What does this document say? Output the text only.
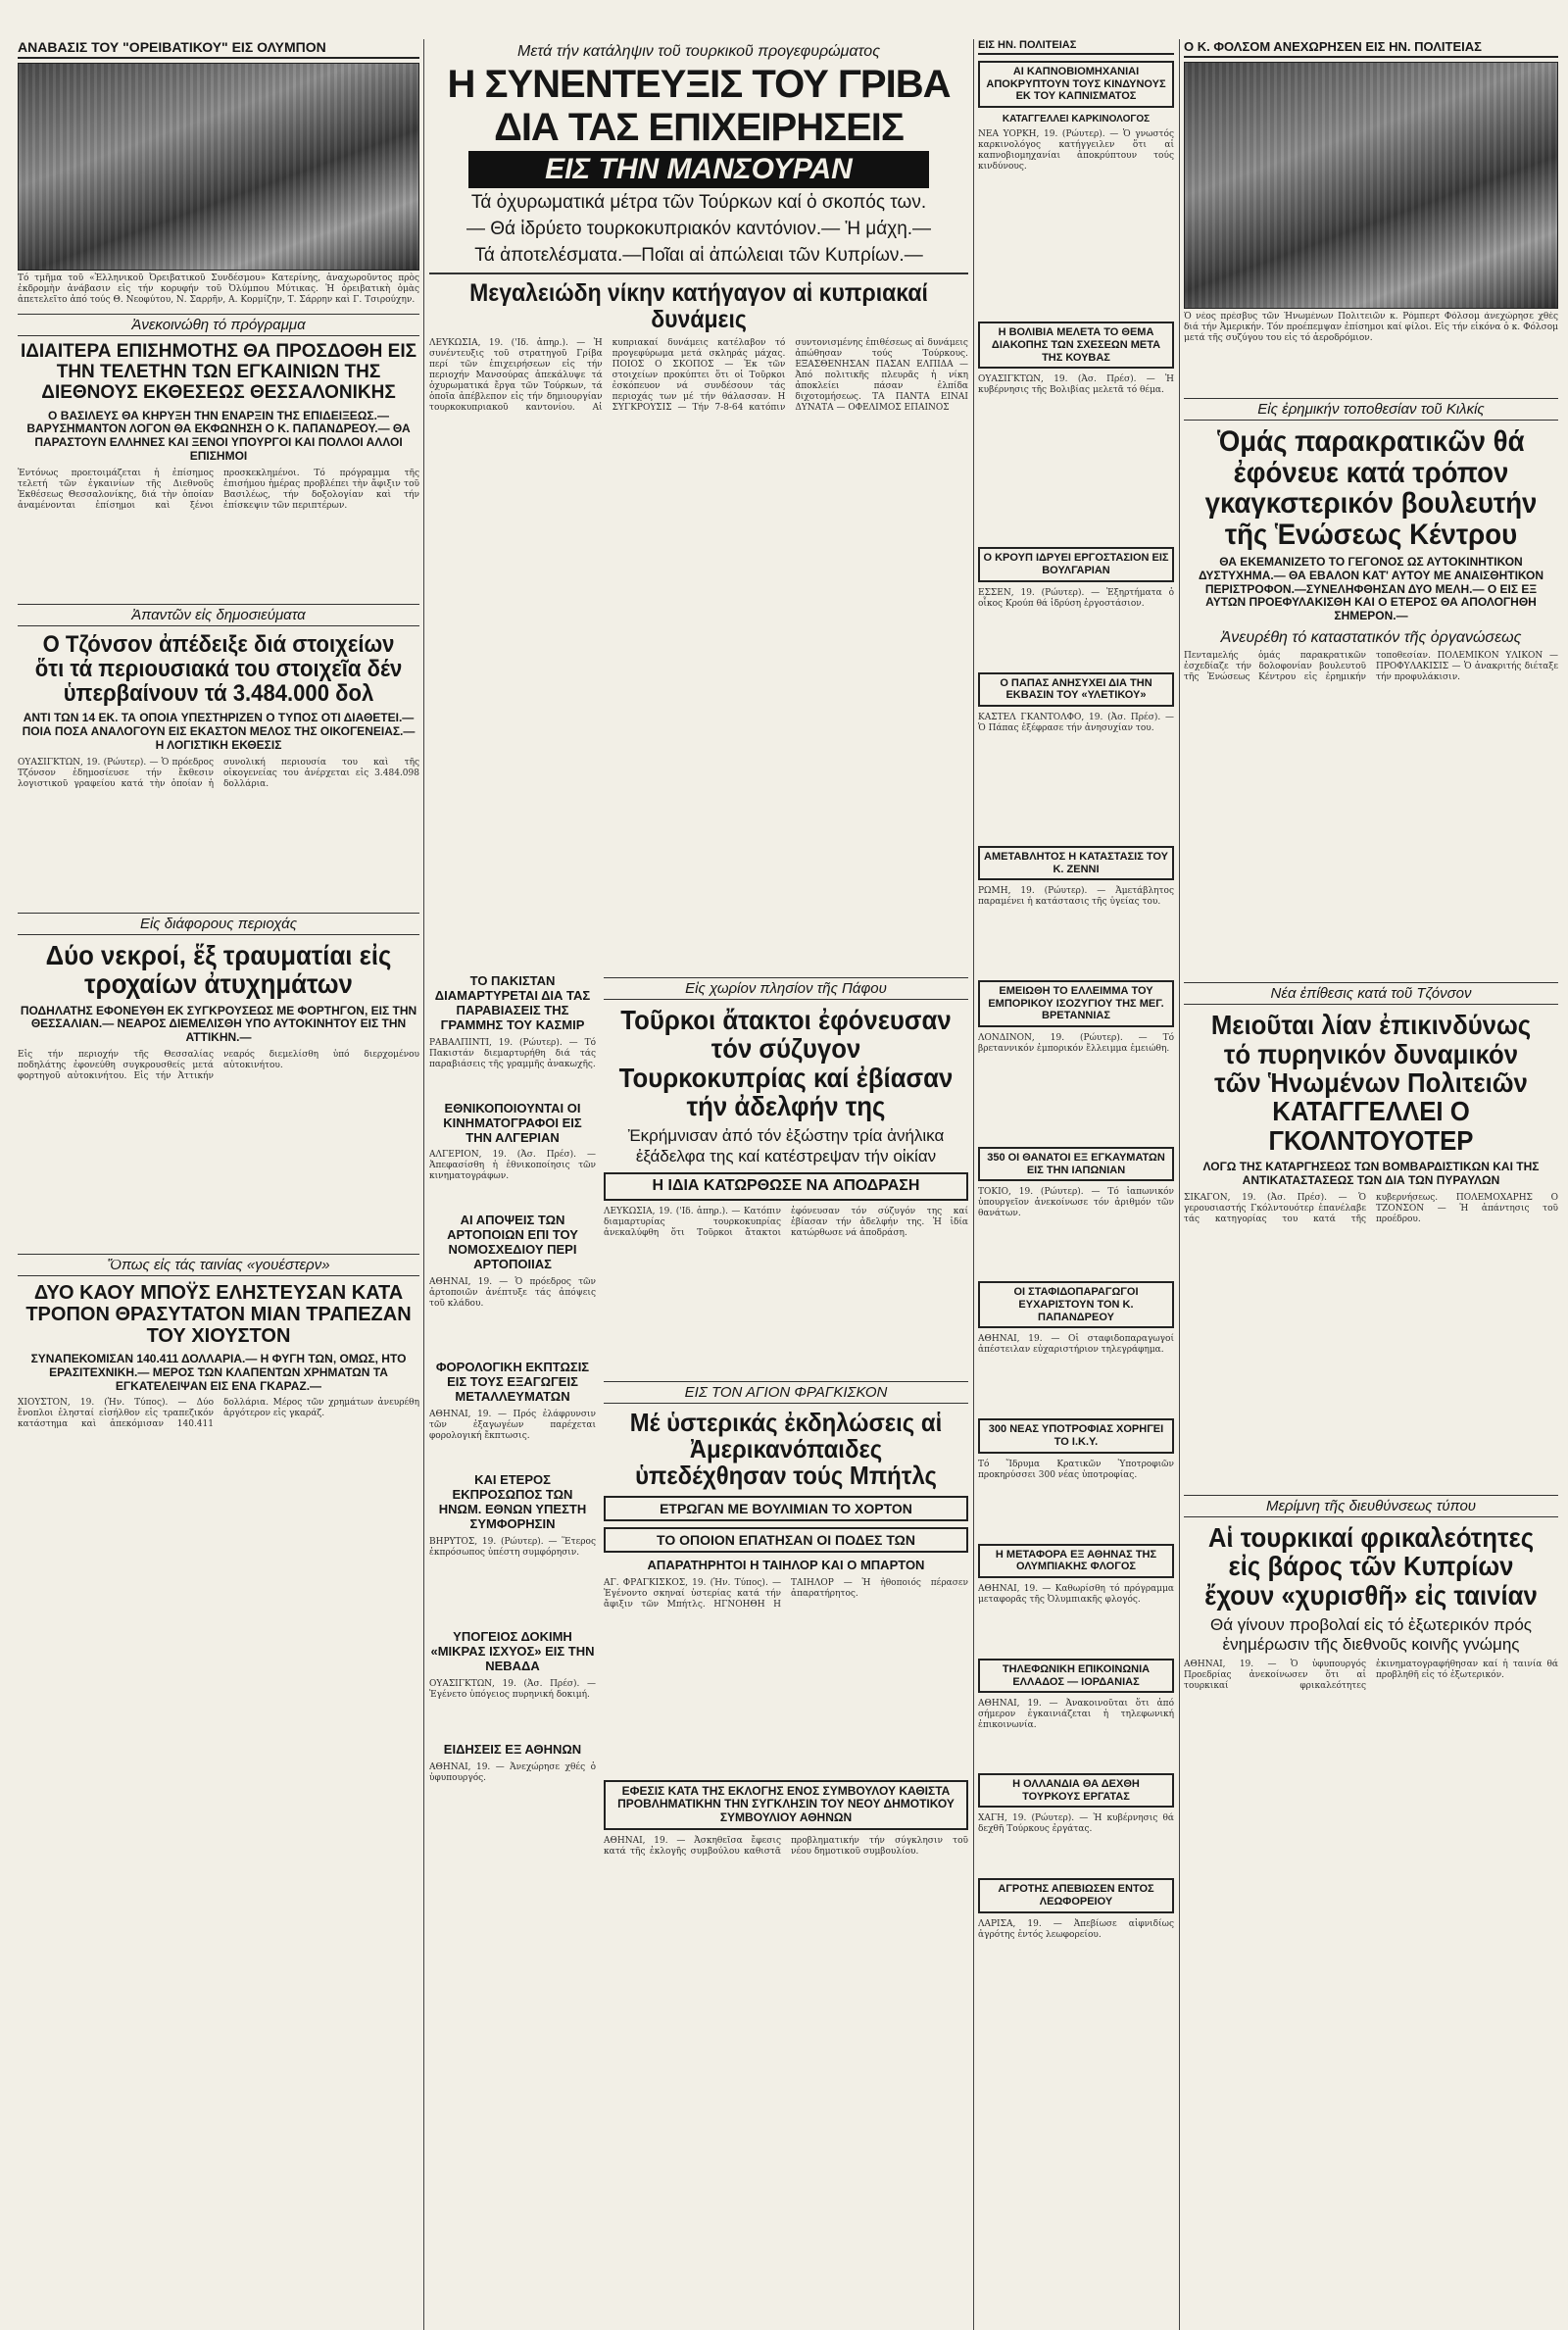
ΑΝΑΒΑΣΙΣ ΤΟΥ "ΟΡΕΙΒΑΤΙΚΟΥ" ΕΙΣ ΟΛΥΜΠΟΝ
Τό τμῆμα τοῦ «Ἑλληνικοῦ Ὀρειβατικοῦ Συνδέσμου» Κατερίνης, ἀναχωροῦντος πρὸς ἐκδρομὴν ἀνάβασιν εἰς τήν κορυφήν τοῦ Ὀλύμπου Μύτικας. Ἡ ὀρειβατικὴ ὁμὰς ἀπετελεῖτο ἀπό τούς Θ. Νεοφύτου, Ν. Σαρρῆν, Α. Κορμίζην, Τ. Σάρρην καὶ Γ. Τσιρούχην.
Ἀνεκοινώθη τό πρόγραμμα
ΙΔΙΑΙΤΕΡΑ ΕΠΙΣΗΜΟΤΗΣ ΘΑ ΠΡΟΣΔΟΘΗ ΕΙΣ ΤΗΝ ΤΕΛΕΤΗΝ ΤΩΝ ΕΓΚΑΙΝΙΩΝ ΤΗΣ ΔΙΕΘΝΟΥΣ ΕΚΘΕΣΕΩΣ ΘΕΣΣΑΛΟΝΙΚΗΣ
Ο ΒΑΣΙΛΕΥΣ ΘΑ ΚΗΡΥΞΗ ΤΗΝ ΕΝΑΡΞΙΝ ΤΗΣ ΕΠΙΔΕΙΞΕΩΣ.— ΒΑΡΥΣΗΜΑΝΤΟΝ ΛΟΓΟΝ ΘΑ ΕΚΦΩΝΗΣΗ Ο Κ. ΠΑΠΑΝΔΡΕΟΥ.— ΘΑ ΠΑΡΑΣΤΟΥΝ ΕΛΛΗΝΕΣ ΚΑΙ ΞΕΝΟΙ ΥΠΟΥΡΓΟΙ ΚΑΙ ΠΟΛΛΟΙ ΑΛΛΟΙ ΕΠΙΣΗΜΟΙ
Ἐντόνως προετοιμάζεται ἡ ἐπίσημος τελετή τῶν ἐγκαινίων τῆς Διεθνοῦς Ἐκθέσεως Θεσσαλονίκης, διά τὴν ὁποίαν ἀναμένονται ἐπίσημοι καὶ ξένοι προσκεκλημένοι. Τό πρόγραμμα τῆς ἐπισήμου ἡμέρας προβλέπει τὴν ἄφιξιν τοῦ Βασιλέως, τήν δοξολογίαν καὶ τήν ἐπίσκεψιν τῶν περιπτέρων.
Ἀπαντῶν εἰς δημοσιεύματα
Ο Τζόνσον ἀπέδειξε διά στοιχείων ὅτι τά περιουσιακά του στοιχεῖα δέν ὑπερβαίνουν τά 3.484.000 δολ
ΑΝΤΙ ΤΩΝ 14 ΕΚ. ΤΑ ΟΠΟΙΑ ΥΠΕΣΤΗΡΙΖΕΝ Ο ΤΥΠΟΣ ΟΤΙ ΔΙΑΘΕΤΕΙ.— ΠΟΙΑ ΠΟΣΑ ΑΝΑΛΟΓΟΥΝ ΕΙΣ ΕΚΑΣΤΟΝ ΜΕΛΟΣ ΤΗΣ ΟΙΚΟΓΕΝΕΙΑΣ.— Η ΛΟΓΙΣΤΙΚΗ ΕΚΘΕΣΙΣ
ΟΥΑΣΙΓΚΤΩΝ, 19. (Ρώυτερ). — Ὁ πρόεδρος Τζόνσον ἐδημοσίευσε τήν ἔκθεσιν λογιστικοῦ γραφείου κατά τὴν ὁποίαν ἡ συνολική περιουσία του καὶ τῆς οἰκογενείας του ἀνέρχεται εἰς 3.484.098 δολλάρια.
Εἰς διάφορους περιοχάς
Δύο νεκροί, ἕξ τραυματίαι εἰς τροχαίων ἀτυχημάτων
ΠΟΔΗΛΑΤΗΣ ΕΦΟΝΕΥΘΗ ΕΚ ΣΥΓΚΡΟΥΣΕΩΣ ΜΕ ΦΟΡΤΗΓΟΝ, ΕΙΣ ΤΗΝ ΘΕΣΣΑΛΙΑΝ.— ΝΕΑΡΟΣ ΔΙΕΜΕΛΙΣΘΗ ΥΠΟ ΑΥΤΟΚΙΝΗΤΟΥ ΕΙΣ ΤΗΝ ΑΤΤΙΚΗΝ.—
Εἰς τήν περιοχήν τῆς Θεσσαλίας ποδηλάτης ἐφονεύθη συγκρουσθείς μετά φορτηγοῦ αὐτοκινήτου. Εἰς τήν Ἀττικήν νεαρός διεμελίσθη ὑπό διερχομένου αὐτοκινήτου.
Ὅπως εἰς τάς ταινίας «γουέστερν»
ΔΥΟ ΚΑΟΥ ΜΠΟΫΣ ΕΛΗΣΤΕΥΣΑΝ ΚΑΤΑ ΤΡΟΠΟΝ ΘΡΑΣΥΤΑΤΟΝ ΜΙΑΝ ΤΡΑΠΕΖΑΝ ΤΟΥ ΧΙΟΥΣΤΟΝ
ΣΥΝΑΠΕΚΟΜΙΣΑΝ 140.411 ΔΟΛΛΑΡΙΑ.— Η ΦΥΓΗ ΤΩΝ, ΟΜΩΣ, ΗΤΟ ΕΡΑΣΙΤΕΧΝΙΚΗ.— ΜΕΡΟΣ ΤΩΝ ΚΛΑΠΕΝΤΩΝ ΧΡΗΜΑΤΩΝ ΤΑ ΕΓΚΑΤΕΛΕΙΨΑΝ ΕΙΣ ΕΝΑ ΓΚΑΡΑΖ.—
ΧΙΟΥΣΤΟΝ, 19. (Ἡν. Τύπος). — Δύο ἔνοπλοι ἐλησταί εἰσήλθον εἰς τραπεζικόν κατάστημα καὶ ἀπεκόμισαν 140.411 δολλάρια. Μέρος τῶν χρημάτων ἀνευρέθη ἀργότερον εἰς γκαράζ.
Μετά τήν κατάληψιν τοῦ τουρκικοῦ προγεφυρώματος
Η ΣΥΝΕΝΤΕΥΞΙΣ ΤΟΥ ΓΡΙΒΑ
ΔΙΑ ΤΑΣ ΕΠΙΧΕΙΡΗΣΕΙΣ
ΕΙΣ ΤΗΝ ΜΑΝΣΟΥΡΑΝ
Τά ὀχυρωματικά μέτρα τῶν Τούρκων καί ὁ σκοπός των.
— Θά ἱδρύετο τουρκοκυπριακόν καντόνιον.— Ἡ μάχη.—
Τά ἀποτελέσματα.—Ποῖαι αἱ ἀπώλειαι τῶν Κυπρίων.—
Μεγαλειώδη νίκην κατήγαγον αἱ κυπριακαί δυνάμεις
ΛΕΥΚΩΣΙΑ, 19. ('Ιδ. ἀπηρ.). — Ἡ συνέντευξις τοῦ στρατηγοῦ Γρίβα περί τῶν ἐπιχειρήσεων εἰς τήν περιοχήν Μανσούρας ἀπεκάλυψε τά ὀχυρωματικά ἔργα τῶν Τούρκων, τά ὁποῖα ἀπέβλεπον εἰς τήν δημιουργίαν τουρκοκυπριακοῦ καντονίου. Αἱ κυπριακαί δυνάμεις κατέλαβον τό προγεφύρωμα μετά σκληράς μάχας. ΠΟΙΟΣ Ο ΣΚΟΠΟΣ — Ἐκ τῶν στοιχείων προκύπτει ὅτι οἱ Τοῦρκοι ἐσκόπευον νά συνδέσουν τάς περιοχάς των μέ τήν θάλασσαν. Η ΣΥΓΚΡΟΥΣΙΣ — Τήν 7-8-64 κατόπιν συντονισμένης ἐπιθέσεως αἱ δυνάμεις ἀπώθησαν τούς Τούρκους. ΕΞΑΣΘΕΝΗΣΑΝ ΠΑΣΑΝ ΕΛΠΙΔΑ — Ἀπό πολιτικῆς πλευρᾶς ἡ νίκη ἀποκλείει πάσαν ἐλπίδα διχοτομήσεως. ΤΑ ΠΑΝΤΑ ΕΙΝΑΙ ΔΥΝΑΤΑ — ΟΦΕΛΙΜΟΣ ΕΠΑΙΝΟΣ
ΤΟ ΠΑΚΙΣΤΑΝ ΔΙΑΜΑΡΤΥΡΕΤΑΙ ΔΙΑ ΤΑΣ ΠΑΡΑΒΙΑΣΕΙΣ ΤΗΣ ΓΡΑΜΜΗΣ ΤΟΥ ΚΑΣΜΙΡ
ΡΑΒΑΛΠΙΝΤΙ, 19. (Ρώυτερ). — Τό Πακιστάν διεμαρτυρήθη διά τάς παραβιάσεις τῆς γραμμῆς ἀνακωχῆς.
ΕΘΝΙΚΟΠΟΙΟΥΝΤΑΙ ΟΙ ΚΙΝΗΜΑΤΟΓΡΑΦΟΙ ΕΙΣ ΤΗΝ ΑΛΓΕΡΙΑΝ
ΑΛΓΕΡΙΟΝ, 19. (Ἀσ. Πρέσ). — Ἀπεφασίσθη ἡ ἐθνικοποίησις τῶν κινηματογράφων.
ΑΙ ΑΠΟΨΕΙΣ ΤΩΝ ΑΡΤΟΠΟΙΩΝ ΕΠΙ ΤΟΥ ΝΟΜΟΣΧΕΔΙΟΥ ΠΕΡΙ ΑΡΤΟΠΟΙΙΑΣ
ΑΘΗΝΑΙ, 19. — Ὁ πρόεδρος τῶν ἀρτοποιῶν ἀνέπτυξε τάς ἀπόψεις τοῦ κλάδου.
ΦΟΡΟΛΟΓΙΚΗ ΕΚΠΤΩΣΙΣ ΕΙΣ ΤΟΥΣ ΕΞΑΓΩΓΕΙΣ ΜΕΤΑΛΛΕΥΜΑΤΩΝ
ΑΘΗΝΑΙ, 19. — Πρός ἐλάφρυνσιν τῶν ἐξαγωγέων παρέχεται φορολογική ἔκπτωσις.
ΚΑΙ ΕΤΕΡΟΣ ΕΚΠΡΟΣΩΠΟΣ ΤΩΝ ΗΝΩΜ. ΕΘΝΩΝ ΥΠΕΣΤΗ ΣΥΜΦΟΡΗΣΙΝ
ΒΗΡΥΤΟΣ, 19. (Ρώυτερ). — Ἕτερος ἐκπρόσωπος ὑπέστη συμφόρησιν.
ΥΠΟΓΕΙΟΣ ΔΟΚΙΜΗ «ΜΙΚΡΑΣ ΙΣΧΥΟΣ» ΕΙΣ ΤΗΝ ΝΕΒΑΔΑ
ΟΥΑΣΙΓΚΤΩΝ, 19. (Ἀσ. Πρέσ). — Ἐγένετο ὑπόγειος πυρηνική δοκιμή.
ΕΙΔΗΣΕΙΣ ΕΞ ΑΘΗΝΩΝ
ΑΘΗΝΑΙ, 19. — Ἀνεχώρησε χθές ὁ ὑφυπουργός.
Εἰς χωρίον πλησίον τῆς Πάφου
Τοῦρκοι ἄτακτοι ἐφόνευσαν τόν σύζυγον Τουρκοκυπρίας καί ἐβίασαν τήν ἀδελφήν της
Ἐκρήμνισαν ἀπό τόν ἐξώστην τρία ἀνήλικα ἐξάδελφα της καί κατέστρεψαν τήν οἰκίαν
Η ΙΔΙΑ ΚΑΤΩΡΘΩΣΕ ΝΑ ΑΠΟΔΡΑΣΗ
ΛΕΥΚΩΣΙΑ, 19. ('Ιδ. ἀπηρ.). — Κατόπιν διαμαρτυρίας τουρκοκυπρίας ἀνεκαλύφθη ὅτι Τοῦρκοι ἄτακτοι ἐφόνευσαν τόν σύζυγόν της καί ἐβίασαν τήν ἀδελφήν της. Ἡ ἰδία κατώρθωσε νά ἀποδράση.
ΕΙΣ ΤΟΝ ΑΓΙΟΝ ΦΡΑΓΚΙΣΚΟΝ
Μέ ὑστερικάς ἐκδηλώσεις αἱ Ἀμερικανόπαιδες ὑπεδέχθησαν τούς Μπήτλς
ΕΤΡΩΓΑΝ ΜΕ ΒΟΥΛΙΜΙΑΝ ΤΟ ΧΟΡΤΟΝ
ΤΟ ΟΠΟΙΟΝ ΕΠΑΤΗΣΑΝ ΟΙ ΠΟΔΕΣ ΤΩΝ
ΑΠΑΡΑΤΗΡΗΤΟΙ Η ΤΑΙΗΛΟΡ ΚΑΙ Ο ΜΠΑΡΤΟΝ
ΑΓ. ΦΡΑΓΚΙΣΚΟΣ, 19. (Ἡν. Τύπος). — Ἐγένοντο σκηναί ὑστερίας κατά τήν ἄφιξιν τῶν Μπήτλς. ΗΓΝΟΗΘΗ Η ΤΑΙΗΛΟΡ — Ἡ ἠθοποιός πέρασεν ἀπαρατήρητος.
ΕΦΕΣΙΣ ΚΑΤΑ ΤΗΣ ΕΚΛΟΓΗΣ ΕΝΟΣ ΣΥΜΒΟΥΛΟΥ ΚΑΘΙΣΤΑ ΠΡΟΒΛΗΜΑΤΙΚΗΝ ΤΗΝ ΣΥΓΚΛΗΣΙΝ ΤΟΥ ΝΕΟΥ ΔΗΜΟΤΙΚΟΥ ΣΥΜΒΟΥΛΙΟΥ ΑΘΗΝΩΝ
ΑΘΗΝΑΙ, 19. — Ἀσκηθεῖσα ἔφεσις κατά τῆς ἐκλογῆς συμβούλου καθιστᾶ προβληματικήν τήν σύγκλησιν τοῦ νέου δημοτικοῦ συμβουλίου.
ΕΙΣ ΗΝ. ΠΟΛΙΤΕΙΑΣ
ΑΙ ΚΑΠΝΟΒΙΟΜΗΧΑΝΙΑΙ ΑΠΟΚΡΥΠΤΟΥΝ ΤΟΥΣ ΚΙΝΔΥΝΟΥΣ ΕΚ ΤΟΥ ΚΑΠΝΙΣΜΑΤΟΣ
ΚΑΤΑΓΓΕΛΛΕΙ ΚΑΡΚΙΝΟΛΟΓΟΣ
ΝΕΑ ΥΟΡΚΗ, 19. (Ρώυτερ). — Ὁ γνωστός καρκινολόγος κατήγγειλεν ὅτι αἱ καπνοβιομηχανίαι ἀποκρύπτουν τούς κινδύνους.
Η ΒΟΛΙΒΙΑ ΜΕΛΕΤΑ ΤΟ ΘΕΜΑ ΔΙΑΚΟΠΗΣ ΤΩΝ ΣΧΕΣΕΩΝ ΜΕΤΑ ΤΗΣ ΚΟΥΒΑΣ
ΟΥΑΣΙΓΚΤΩΝ, 19. (Ἀσ. Πρέσ). — Ἡ κυβέρνησις τῆς Βολιβίας μελετᾶ τό θέμα.
Ο ΚΡΟΥΠ ΙΔΡΥΕΙ ΕΡΓΟΣΤΑΣΙΟΝ ΕΙΣ ΒΟΥΛΓΑΡΙΑΝ
ΕΣΣΕΝ, 19. (Ρώυτερ). — Ἐξηρτήματα ὁ οἶκος Κρούπ θά ἱδρύση ἐργοστάσιον.
Ο ΠΑΠΑΣ ΑΝΗΣΥΧΕΙ ΔΙΑ ΤΗΝ ΕΚΒΑΣΙΝ ΤΟΥ «ΥΛΕΤΙΚΟΥ»
ΚΑΣΤΕΛ ΓΚΑΝΤΟΛΦΟ, 19. (Ἀσ. Πρέσ). — Ὁ Πάπας ἐξέφρασε τήν ἀνησυχίαν του.
ΑΜΕΤΑΒΛΗΤΟΣ Η ΚΑΤΑΣΤΑΣΙΣ ΤΟΥ Κ. ΖΕΝΝΙ
ΡΩΜΗ, 19. (Ρώυτερ). — Ἀμετάβλητος παραμένει ἡ κατάστασις τῆς ὑγείας του.
ΕΜΕΙΩΘΗ ΤΟ ΕΛΛΕΙΜΜΑ ΤΟΥ ΕΜΠΟΡΙΚΟΥ ΙΣΟΖΥΓΙΟΥ ΤΗΣ ΜΕΓ. ΒΡΕΤΑΝΝΙΑΣ
ΛΟΝΔΙΝΟΝ, 19. (Ρώυτερ). — Τό βρεταννικόν ἐμπορικόν ἔλλειμμα ἐμειώθη.
350 ΟΙ ΘΑΝΑΤΟΙ ΕΞ ΕΓΚΑΥΜΑΤΩΝ ΕΙΣ ΤΗΝ ΙΑΠΩΝΙΑΝ
ΤΟΚΙΟ, 19. (Ρώυτερ). — Τό ἰαπωνικόν ὑπουργεῖον ἀνεκοίνωσε τόν ἀριθμόν τῶν θανάτων.
ΟΙ ΣΤΑΦΙΔΟΠΑΡΑΓΩΓΟΙ ΕΥΧΑΡΙΣΤΟΥΝ ΤΟΝ Κ. ΠΑΠΑΝΔΡΕΟΥ
ΑΘΗΝΑΙ, 19. — Οἱ σταφιδοπαραγωγοί ἀπέστειλαν εὐχαριστήριον τηλεγράφημα.
300 ΝΕΑΣ ΥΠΟΤΡΟΦΙΑΣ ΧΟΡΗΓΕΙ ΤΟ Ι.Κ.Υ.
Τό Ἵδρυμα Κρατικῶν Ὑποτροφιῶν προκηρύσσει 300 νέας ὑποτροφίας.
Η ΜΕΤΑΦΟΡΑ ΕΞ ΑΘΗΝΑΣ ΤΗΣ ΟΛΥΜΠΙΑΚΗΣ ΦΛΟΓΟΣ
ΑΘΗΝΑΙ, 19. — Καθωρίσθη τό πρόγραμμα μεταφορᾶς τῆς Ὀλυμπιακῆς φλογός.
ΤΗΛΕΦΩΝΙΚΗ ΕΠΙΚΟΙΝΩΝΙΑ ΕΛΛΑΔΟΣ — ΙΟΡΔΑΝΙΑΣ
ΑΘΗΝΑΙ, 19. — Ἀνακοινοῦται ὅτι ἀπό σήμερον ἐγκαινιάζεται ἡ τηλεφωνική ἐπικοινωνία.
Η ΟΛΛΑΝΔΙΑ ΘΑ ΔΕΧΘΗ ΤΟΥΡΚΟΥΣ ΕΡΓΑΤΑΣ
ΧΑΓΗ, 19. (Ρώυτερ). — Ἡ κυβέρνησις θά δεχθῆ Τούρκους ἐργάτας.
ΑΓΡΟΤΗΣ ΑΠΕΒΙΩΣΕΝ ΕΝΤΟΣ ΛΕΩΦΟΡΕΙΟΥ
ΛΑΡΙΣΑ, 19. — Ἀπεβίωσε αἰφνιδίως ἀγρότης ἐντός λεωφορείου.
Ο Κ. ΦΟΛΣΟΜ ΑΝΕΧΩΡΗΣΕΝ ΕΙΣ ΗΝ. ΠΟΛΙΤΕΙΑΣ
Ὁ νέος πρέσβυς τῶν Ἡνωμένων Πολιτειῶν κ. Ρόμπερτ Φόλσομ ἀνεχώρησε χθές διά τήν Ἀμερικήν. Τόν προέπεμψαν ἐπίσημοι καί φίλοι. Εἰς τήν εἰκόνα ὁ κ. Φόλσομ μετά τῆς συζύγου του εἰς τό ἀεροδρόμιον.
Εἰς ἐρημικήν τοποθεσίαν τοῦ Κιλκίς
Ὁμάς παρακρατικῶν θά ἐφόνευε κατά τρόπον γκαγκστερικόν βουλευτήν τῆς Ἑνώσεως Κέντρου
ΘΑ ΕΚΕΜΑΝΙΖΕΤΟ ΤΟ ΓΕΓΟΝΟΣ ΩΣ ΑΥΤΟΚΙΝΗΤΙΚΟΝ ΔΥΣΤΥΧΗΜΑ.— ΘΑ ΕΒΑΛΟΝ ΚΑΤ' ΑΥΤΟΥ ΜΕ ΑΝΑΙΣΘΗΤΙΚΟΝ ΠΕΡΙΣΤΡΟΦΟΝ.—ΣΥΝΕΛΗΦΘΗΣΑΝ ΔΥΟ ΜΕΛΗ.— Ο ΕΙΣ ΕΞ ΑΥΤΩΝ ΠΡΟΕΦΥΛΑΚΙΣΘΗ ΚΑΙ Ο ΕΤΕΡΟΣ ΘΑ ΑΠΟΛΟΓΗΘΗ ΣΗΜΕΡΟΝ.—
Ἀνευρέθη τό καταστατικόν τῆς ὀργανώσεως
Πενταμελής ὁμάς παρακρατικῶν ἐσχεδίαζε τήν δολοφονίαν βουλευτοῦ τῆς Ἑνώσεως Κέντρου εἰς ἐρημικήν τοποθεσίαν. ΠΟΛΕΜΙΚΟΝ ΥΛΙΚΟΝ — ΠΡΟΦΥΛΑΚΙΣΙΣ — Ὁ ἀνακριτής διέταξε τήν προφυλάκισιν.
Νέα ἐπίθεσις κατά τοῦ Τζόνσον
Μειοῦται λίαν ἐπικινδύνως τό πυρηνικόν δυναμικόν τῶν Ἡνωμένων Πολιτειῶν ΚΑΤΑΓΓΕΛΛΕΙ Ο ΓΚΟΛΝΤΟΥΟΤΕΡ
ΛΟΓΩ ΤΗΣ ΚΑΤΑΡΓΗΣΕΩΣ ΤΩΝ ΒΟΜΒΑΡΔΙΣΤΙΚΩΝ ΚΑΙ ΤΗΣ ΑΝΤΙΚΑΤΑΣΤΑΣΕΩΣ ΤΩΝ ΔΙΑ ΤΩΝ ΠΥΡΑΥΛΩΝ
ΣΙΚΑΓΟΝ, 19. (Ἀσ. Πρέσ). — Ὁ γερουσιαστής Γκόλντουότερ ἐπανέλαβε τάς κατηγορίας του κατά τῆς κυβερνήσεως. ΠΟΛΕΜΟΧΑΡΗΣ Ο ΤΖΟΝΣΟΝ — Ἡ ἀπάντησις τοῦ προέδρου.
Μερίμνη τῆς διευθύνσεως τύπου
Αἱ τουρκικαί φρικαλεότητες εἰς βάρος τῶν Κυπρίων ἔχουν «χυρισθῆ» εἰς ταινίαν
Θά γίνουν προβολαί εἰς τό ἐξωτερικόν πρός ἐνημέρωσιν τῆς διεθνοῦς κοινῆς γνώμης
ΑΘΗΝΑΙ, 19. — Ὁ ὑφυπουργός Προεδρίας ἀνεκοίνωσεν ὅτι αἱ τουρκικαί φρικαλεότητες ἐκινηματογραφήθησαν καί ἡ ταινία θά προβληθῆ εἰς τό ἐξωτερικόν.
